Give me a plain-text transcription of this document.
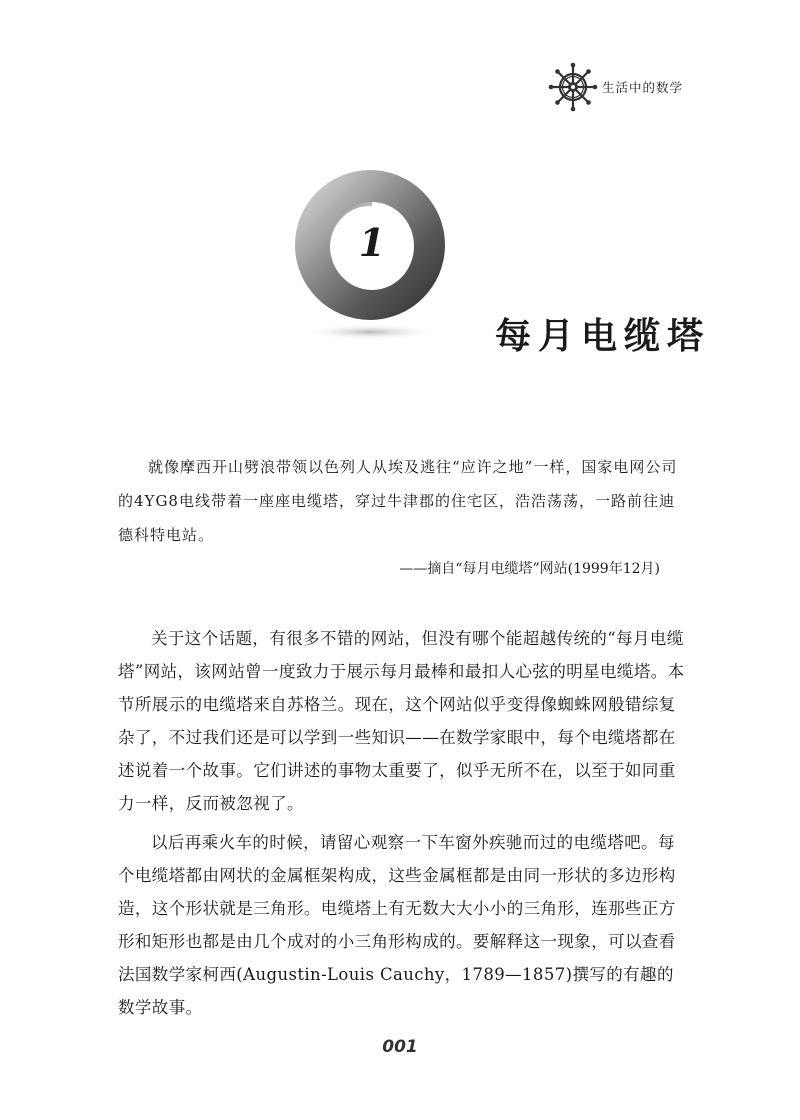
生活中的数学
1
每月电缆塔

就像摩西开山劈浪带领以色列人从埃及逃往“应许之地”一样，国家电网公司的4YG8电线带着一座座电缆塔，穿过牛津郡的住宅区，浩浩荡荡，一路前往迪德科特电站。

——摘自“每月电缆塔”网站(1999年12月)

关于这个话题，有很多不错的网站，但没有哪个能超越传统的“每月电缆塔”网站，该网站曾一度致力于展示每月最棒和最扣人心弦的明星电缆塔。本节所展示的电缆塔来自苏格兰。现在，这个网站似乎变得像蜘蛛网般错综复杂了，不过我们还是可以学到一些知识——在数学家眼中，每个电缆塔都在述说着一个故事。它们讲述的事物太重要了，似乎无所不在，以至于如同重力一样，反而被忽视了。

以后再乘火车的时候，请留心观察一下车窗外疾驰而过的电缆塔吧。每个电缆塔都由网状的金属框架构成，这些金属框都是由同一形状的多边形构造，这个形状就是三角形。电缆塔上有无数大大小小的三角形，连那些正方形和矩形也都是由几个成对的小三角形构成的。要解释这一现象，可以查看法国数学家柯西(Augustin-Louis Cauchy，1789—1857)撰写的有趣的数学故事。

001
